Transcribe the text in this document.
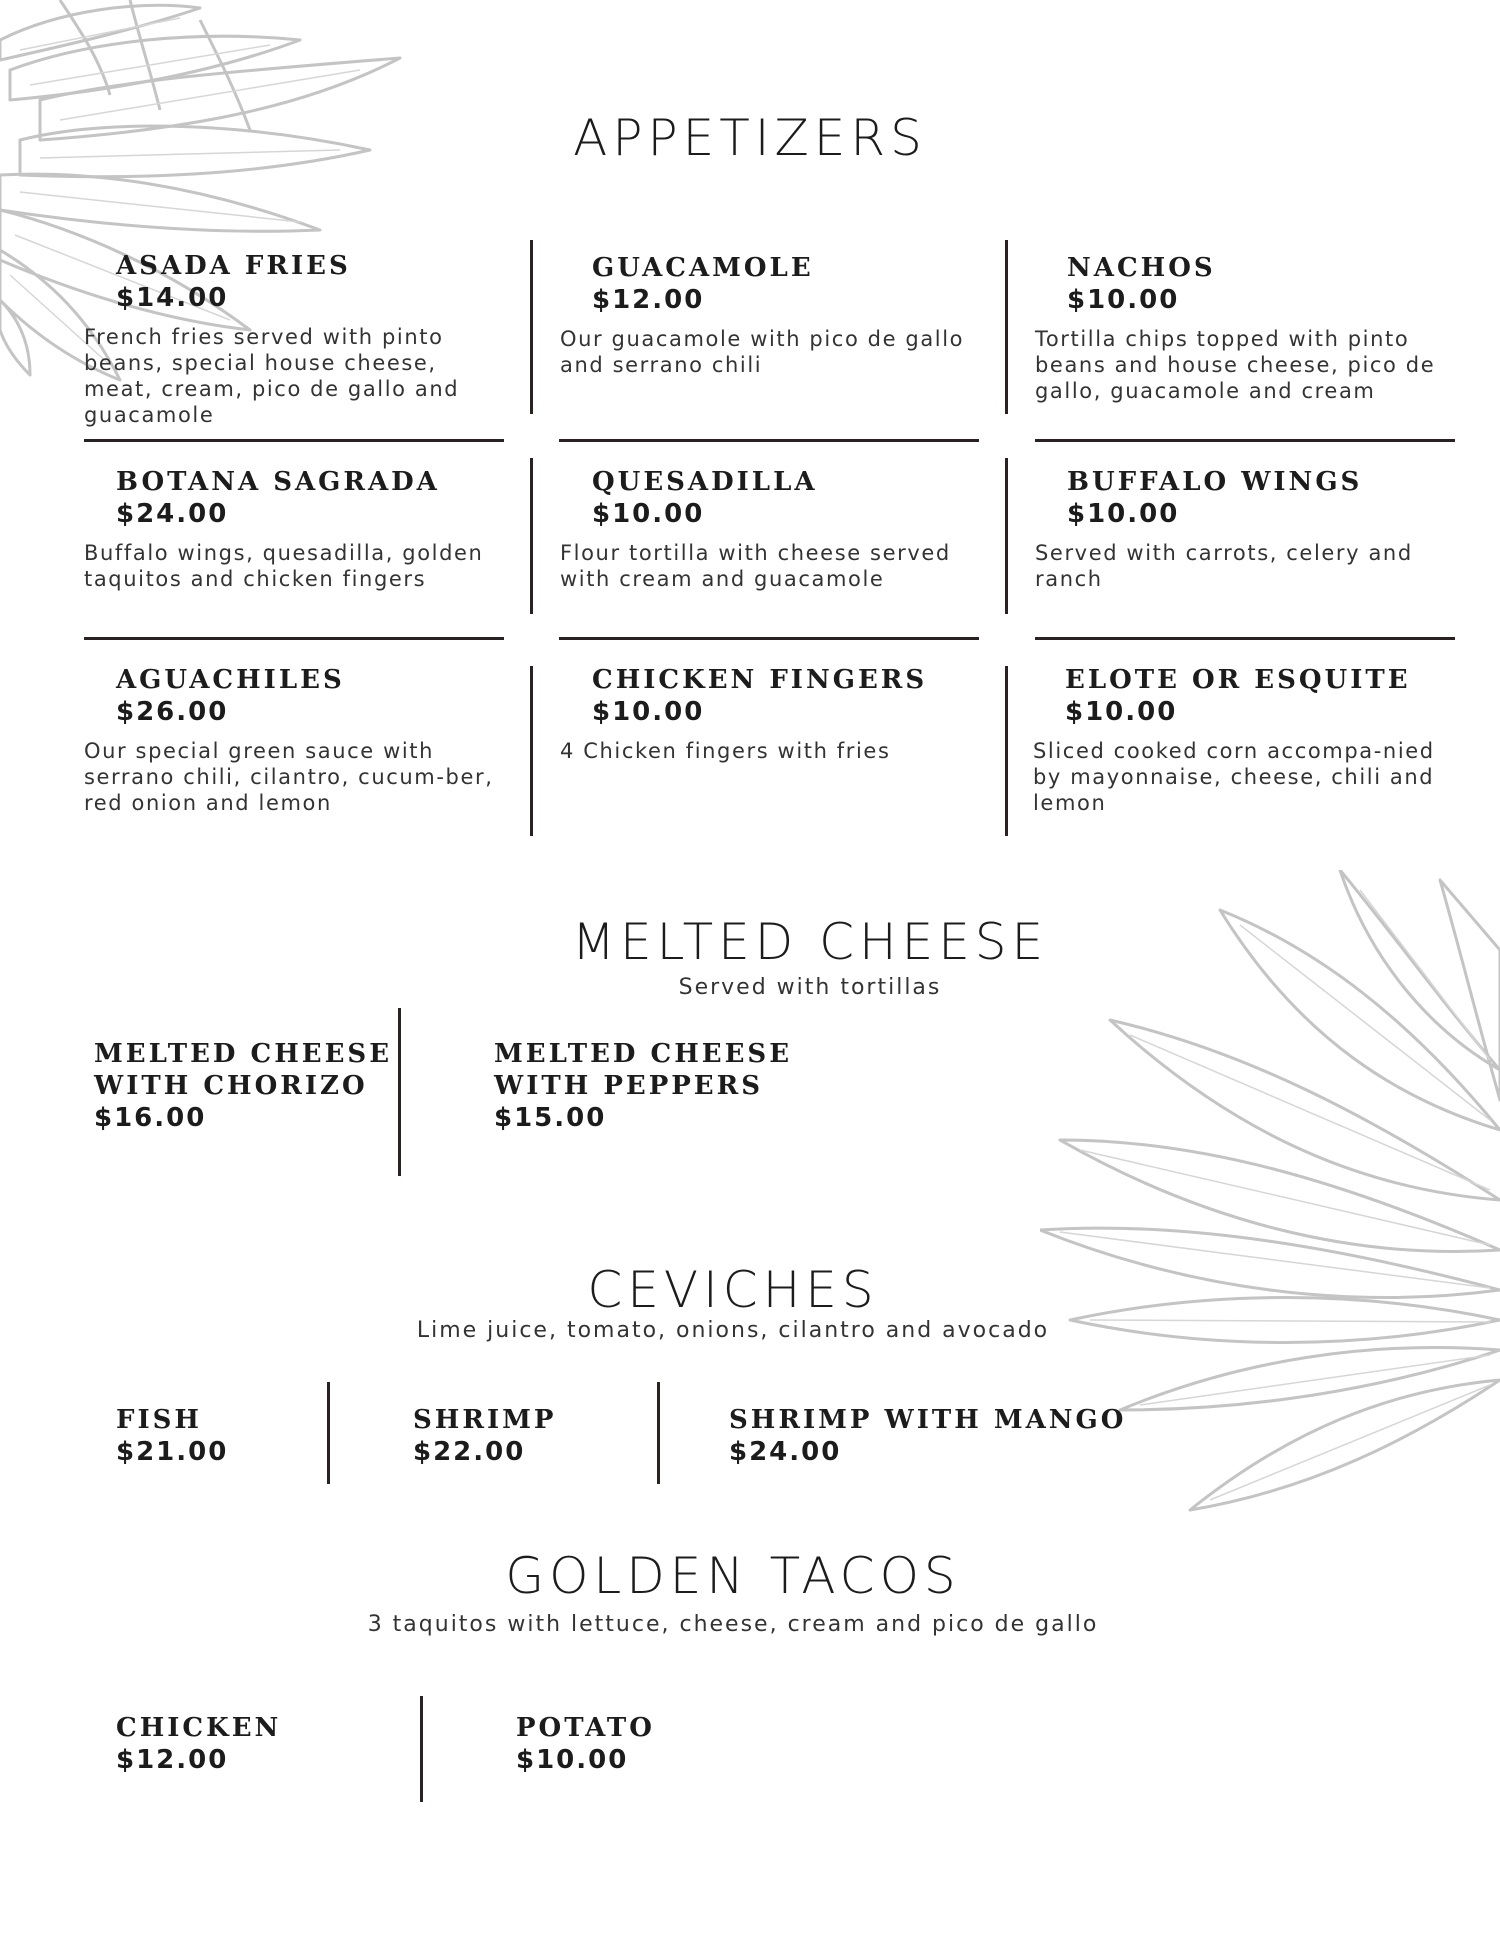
APPETIZERS
ASADA FRIES
$14.00
French fries served with pinto beans, special house cheese, meat, cream, pico de gallo and guacamole
GUACAMOLE
$12.00
Our guacamole with pico de gallo and serrano chili
NACHOS
$10.00
Tortilla chips topped with pinto beans and house cheese, pico de gallo, guacamole and cream
BOTANA SAGRADA
$24.00
Buffalo wings, quesadilla, golden taquitos and chicken fingers
QUESADILLA
$10.00
Flour tortilla with cheese served with cream and guacamole
BUFFALO WINGS
$10.00
Served with carrots, celery and ranch
AGUACHILES
$26.00
Our special green sauce with serrano chili, cilantro, cucum-ber, red onion and lemon
CHICKEN FINGERS
$10.00
4 Chicken fingers with fries
ELOTE OR ESQUITE
$10.00
Sliced cooked corn accompa-nied by mayonnaise, cheese, chili and lemon
MELTED CHEESE
Served with tortillas
MELTED CHEESE
WITH CHORIZO
$16.00
MELTED CHEESE
WITH PEPPERS
$15.00
CEVICHES
Lime juice, tomato, onions, cilantro and avocado
FISH
$21.00
SHRIMP
$22.00
SHRIMP WITH MANGO
$24.00
GOLDEN TACOS
3 taquitos with lettuce, cheese, cream and pico de gallo
CHICKEN
$12.00
POTATO
$10.00
